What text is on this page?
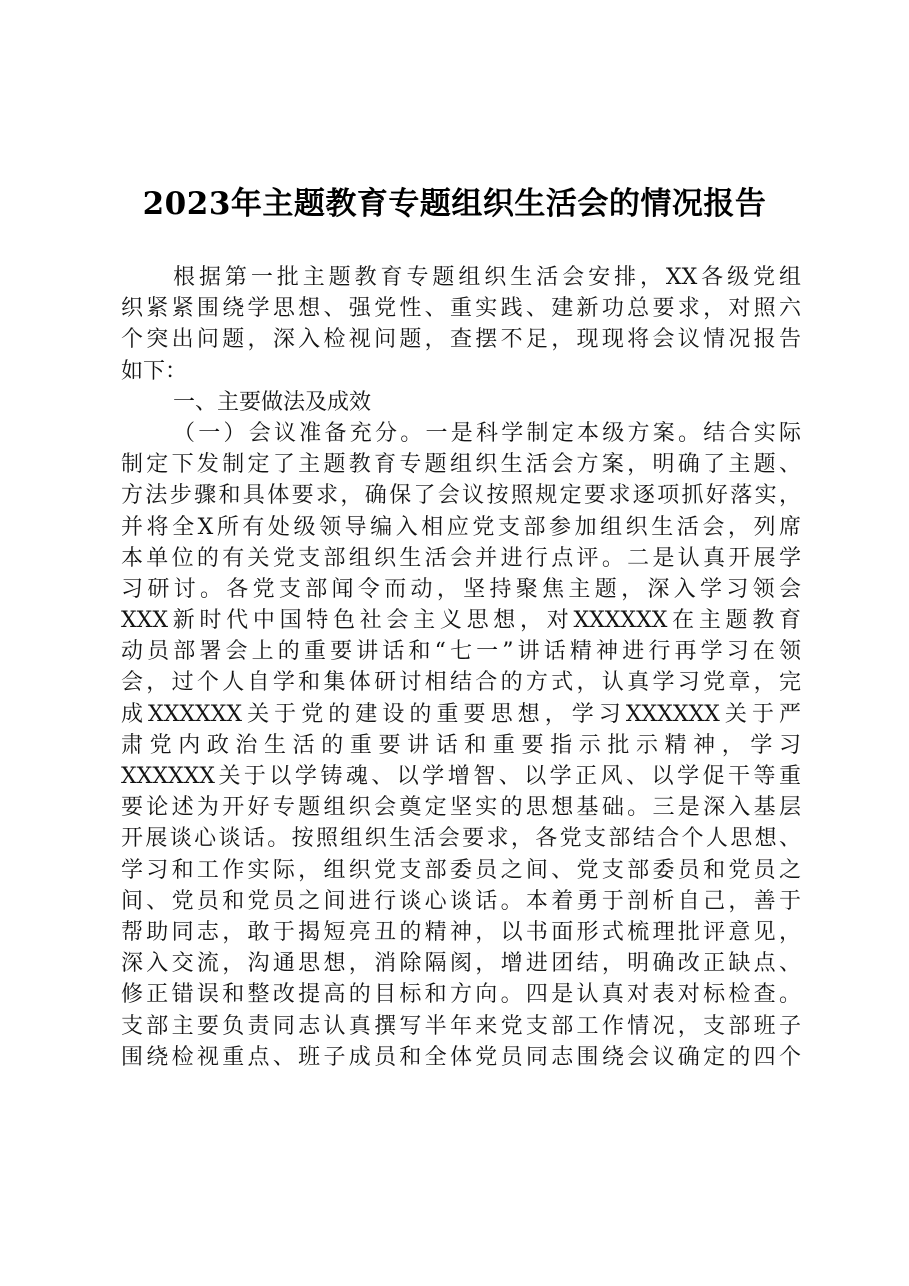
2023年主题教育专题组织生活会的情况报告
根据第一批主题教育专题组织生活会安排，XX各级党组
织紧紧围绕学思想、强党性、重实践、建新功总要求，对照六
个突出问题，深入检视问题，查摆不足，现现将会议情况报告
如下：
一、主要做法及成效
（一）会议准备充分。一是科学制定本级方案。结合实际
制定下发制定了主题教育专题组织生活会方案，明确了主题、
方法步骤和具体要求，确保了会议按照规定要求逐项抓好落实，
并将全X所有处级领导编入相应党支部参加组织生活会，列席
本单位的有关党支部组织生活会并进行点评。二是认真开展学
习研讨。各党支部闻令而动，坚持聚焦主题，深入学习领会
XXX新时代中国特色社会主义思想，对XXXXXX在主题教育
动员部署会上的重要讲话和“七一”讲话精神进行再学习在领
会，过个人自学和集体研讨相结合的方式，认真学习党章，完
成XXXXXX关于党的建设的重要思想，学习XXXXXX关于严
肃党内政治生活的重要讲话和重要指示批示精神，学习
XXXXXX关于以学铸魂、以学增智、以学正风、以学促干等重
要论述为开好专题组织会奠定坚实的思想基础。三是深入基层
开展谈心谈话。按照组织生活会要求，各党支部结合个人思想、
学习和工作实际，组织党支部委员之间、党支部委员和党员之
间、党员和党员之间进行谈心谈话。本着勇于剖析自己，善于
帮助同志，敢于揭短亮丑的精神，以书面形式梳理批评意见，
深入交流，沟通思想，消除隔阂，增进团结，明确改正缺点、
修正错误和整改提高的目标和方向。四是认真对表对标检查。
支部主要负责同志认真撰写半年来党支部工作情况，支部班子
围绕检视重点、班子成员和全体党员同志围绕会议确定的四个
